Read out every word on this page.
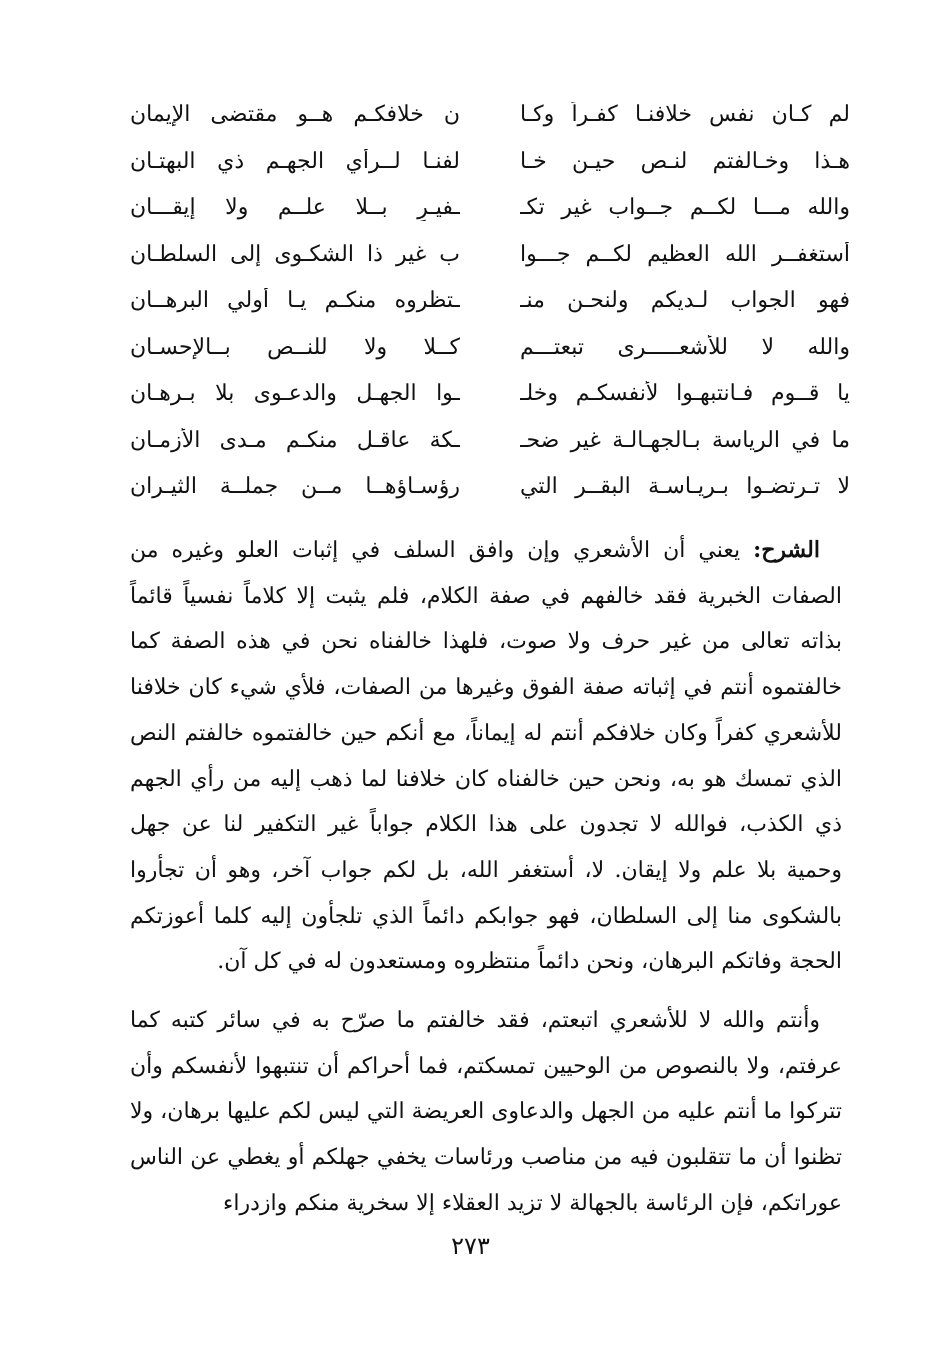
لم كـان نفس خلافنـا كفـراً وكـا
ن خلافكـم هــو مقتضى الإيمان
هـذا وخـالفتم لنـص حيـن خـا
لفنـا لــرأي الجهـم ذي البهتـان
والله مـــا لكــم جــواب غير تكـ
ـفيـرٍ بــلا علــم ولا إيقـــان
أستغفــر الله العظيم لكــم جـــوا
ب غير ذا الشكـوى إلى السلطـان
فهو الجواب لـديكم ولنحـن منـ
ـتظروه منكـم يـا أولي البرهــان
والله لا للأشعـــــرى تبعتـــم
كــلا ولا للنــص بــالإحسـان
يا قــوم فـانتبهـوا لأنفسكـم وخلـ
ـوا الجهـل والدعـوى بلا بـرهـان
ما في الرياسة بـالجهـالـة غير ضحـ
ـكة عاقـل منكـم مـدى الأزمـان
لا تـرتضـوا بـريـاسـة البقــر التي
رؤسـاؤهــا مــن جملــة الثيـران

الشرح: يعني أن الأشعري وإن وافق السلف في إثبات العلو وغيره من الصفات الخبرية فقد خالفهم في صفة الكلام، فلم يثبت إلا كلاماً نفسياً قائماً بذاته تعالى من غير حرف ولا صوت، فلهذا خالفناه نحن في هذه الصفة كما خالفتموه أنتم في إثباته صفة الفوق وغيرها من الصفات، فلأي شيء كان خلافنا للأشعري كفراً وكان خلافكم أنتم له إيماناً، مع أنكم حين خالفتموه خالفتم النص الذي تمسك هو به، ونحن حين خالفناه كان خلافنا لما ذهب إليه من رأي الجهم ذي الكذب، فوالله لا تجدون على هذا الكلام جواباً غير التكفير لنا عن جهل وحمية بلا علم ولا إيقان. لا، أستغفر الله، بل لكم جواب آخر، وهو أن تجأروا بالشكوى منا إلى السلطان، فهو جوابكم دائماً الذي تلجأون إليه كلما أعوزتكم الحجة وفاتكم البرهان، ونحن دائماً منتظروه ومستعدون له في كل آن.

وأنتم والله لا للأشعري اتبعتم، فقد خالفتم ما صرّح به في سائر كتبه كما عرفتم، ولا بالنصوص من الوحيين تمسكتم، فما أحراكم أن تنتبهوا لأنفسكم وأن تتركوا ما أنتم عليه من الجهل والدعاوى العريضة التي ليس لكم عليها برهان، ولا تظنوا أن ما تتقلبون فيه من مناصب ورئاسات يخفي جهلكم أو يغطي عن الناس عوراتكم، فإن الرئاسة بالجهالة لا تزيد العقلاء إلا سخرية منكم وازدراء

٢٧٣
